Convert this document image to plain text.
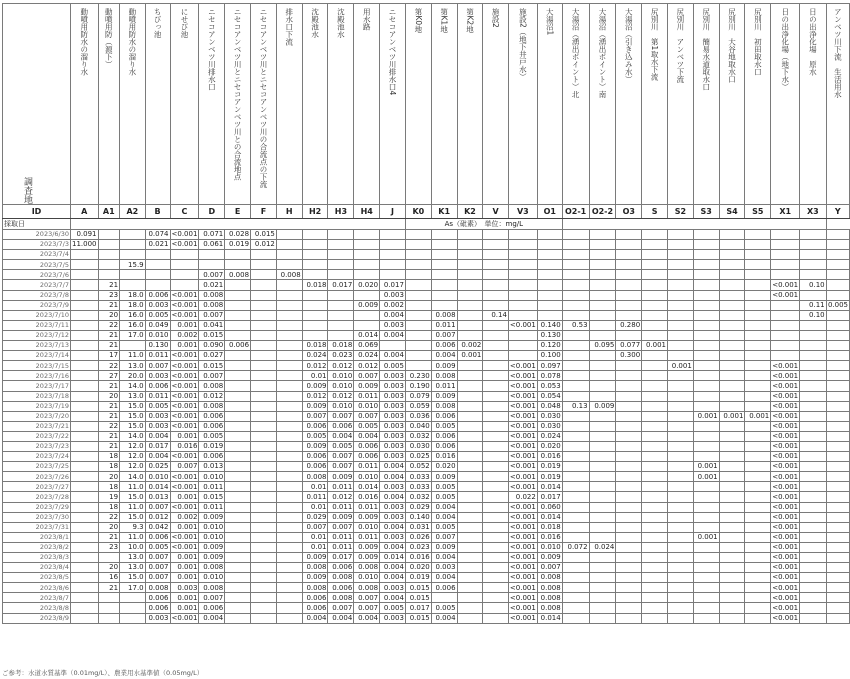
調査地	動噴用防水の溜り水	動噴用防（源下）	動噴用防水の溜り水	ちびっ池	にせび池	ニセコアンベツ川排水口	ニセコアンベツ川とニセコアンベツ川との合流地点	ニセコアンベツ川とニセコアンベツ川の合流点の下流	排水口下流	沈殿池水	沈殿池水	用水路	ニセコアンベツ川排水口4	第K0地	第K1地	第K2地	施設2	施設2（地下井戸水）	大湯沼1	大湯沼（湧出ポイント）北	大湯沼（湧出ポイント）南	大湯沼（引き込み水）	尻別川　第1取水下流	尻別川　アンベツ下流	尻別川　簡易水道取水口	尻別川　大谷地取水口	尻別川　初田取水口	日の出浄化場（地下水）	日の出浄化場　原水	アンベツ川下流　生活用水

ID	A	A1	A2	B	C	D	E	F	H	H2	H3	H4	J	K0	K1	K2	V	V3	O1	O2-1	O2-2	O3	S	S2	S3	S4	S5	X1	X3	Y
採取日														As（砒素）　単位：mg/L																
2023/6/30	0.091			0.074	<0.001	0.071	0.028	0.015																						
2023/7/3	11.000			0.021	<0.001	0.061	0.019	0.012																						
2023/7/4																														
2023/7/5			15.9																											
2023/7/6						0.007	0.008		0.008																					
2023/7/7		21				0.021				0.018	0.017	0.020	0.017															<0.001	0.10	
2023/7/8		23	18.0	0.006	<0.001	0.008							0.003															<0.001		
2023/7/9		21	18.0	0.003	<0.001	0.008						0.009	0.002																0.11	0.005
2023/7/10		20	16.0	0.005	<0.001	0.007							0.004		0.008		0.14												0.10	
2023/7/11		22	16.0	0.049	0.001	0.041							0.003		0.011			<0.001	0.140	0.53		0.280								
2023/7/12		21	17.0	0.010	0.002	0.015						0.014	0.004		0.007				0.130											
2023/7/13		21		0.130	0.001	0.090	0.006			0.018	0.018	0.069			0.006	0.002			0.120		0.095	0.077	0.001							
2023/7/14		17	11.0	0.011	<0.001	0.027				0.024	0.023	0.024	0.004		0.004	0.001			0.100			0.300								
2023/7/15		22	13.0	0.007	<0.001	0.015				0.012	0.012	0.012	0.005		0.009			<0.001	0.097					0.001				<0.001		
2023/7/16		27	20.0	0.003	<0.001	0.007				0.01	0.010	0.007	0.003	0.230	0.008			<0.001	0.078									<0.001		
2023/7/17		21	14.0	0.006	<0.001	0.008				0.009	0.010	0.009	0.003	0.190	0.011			<0.001	0.053									<0.001		
2023/7/18		20	13.0	0.011	<0.001	0.012				0.012	0.012	0.011	0.003	0.079	0.009			<0.001	0.054									<0.001		
2023/7/19		21	15.0	0.005	<0.001	0.008				0.009	0.010	0.010	0.003	0.059	0.008			<0.001	0.048	0.13	0.009							<0.001		
2023/7/20		21	15.0	0.003	<0.001	0.006				0.007	0.007	0.007	0.003	0.036	0.006			<0.001	0.030						0.001	0.001	0.001	<0.001		
2023/7/21		22	15.0	0.003	<0.001	0.006				0.006	0.006	0.005	0.003	0.040	0.005			<0.001	0.030									<0.001		
2023/7/22		21	14.0	0.004	0.001	0.005				0.005	0.004	0.004	0.003	0.032	0.006			<0.001	0.024									<0.001		
2023/7/23		21	12.0	0.017	0.016	0.019				0.009	0.005	0.006	0.003	0.030	0.006			<0.001	0.020									<0.001		
2023/7/24		18	12.0	0.004	<0.001	0.006				0.006	0.007	0.006	0.003	0.025	0.016			<0.001	0.016									<0.001		
2023/7/25		18	12.0	0.025	0.007	0.013				0.006	0.007	0.011	0.004	0.052	0.020			<0.001	0.019						0.001			<0.001		
2023/7/26		20	14.0	0.010	<0.001	0.010				0.008	0.009	0.010	0.004	0.033	0.009			<0.001	0.019						0.001			<0.001		
2023/7/27		18	11.0	0.014	<0.001	0.011				0.01	0.011	0.014	0.003	0.033	0.005			<0.001	0.014									<0.001		
2023/7/28		19	15.0	0.013	0.001	0.015				0.011	0.012	0.016	0.004	0.032	0.005			0.022	0.017									<0.001		
2023/7/29		18	11.0	0.007	<0.001	0.011				0.01	0.011	0.011	0.003	0.029	0.004			<0.001	0.060									<0.001		
2023/7/30		22	15.0	0.012	0.002	0.009				0.029	0.009	0.009	0.003	0.140	0.004			<0.001	0.014									<0.001		
2023/7/31		20	9.3	0.042	0.001	0.010				0.007	0.007	0.010	0.004	0.031	0.005			<0.001	0.018									<0.001		
2023/8/1		21	11.0	0.006	<0.001	0.010				0.01	0.011	0.011	0.003	0.026	0.007			<0.001	0.016						0.001			<0.001		
2023/8/2		23	10.0	0.005	<0.001	0.009				0.01	0.011	0.009	0.004	0.023	0.009			<0.001	0.010	0.072	0.024							<0.001		
2023/8/3			13.0	0.007	0.001	0.009				0.009	0.017	0.009	0.014	0.016	0.004			<0.001	0.009									<0.001		
2023/8/4		20	13.0	0.007	0.001	0.008				0.008	0.006	0.008	0.004	0.020	0.003			<0.001	0.007									<0.001		
2023/8/5		16	15.0	0.007	0.001	0.010				0.009	0.008	0.010	0.004	0.019	0.004			<0.001	0.008									<0.001		
2023/8/6		21	17.0	0.008	0.003	0.008				0.008	0.006	0.008	0.003	0.015	0.006			<0.001	0.008									<0.001		
2023/8/7				0.006	0.001	0.007				0.006	0.008	0.007	0.004	0.015				<0.001	0.008									<0.001		
2023/8/8				0.006	0.001	0.006				0.006	0.007	0.007	0.005	0.017	0.005			<0.001	0.008									<0.001		
2023/8/9				0.003	<0.001	0.004				0.004	0.004	0.004	0.003	0.015	0.004			<0.001	0.014									<0.001		
ご参考：水道水質基準（0.01mg/L）、農業用水基準値（0.05mg/L）
